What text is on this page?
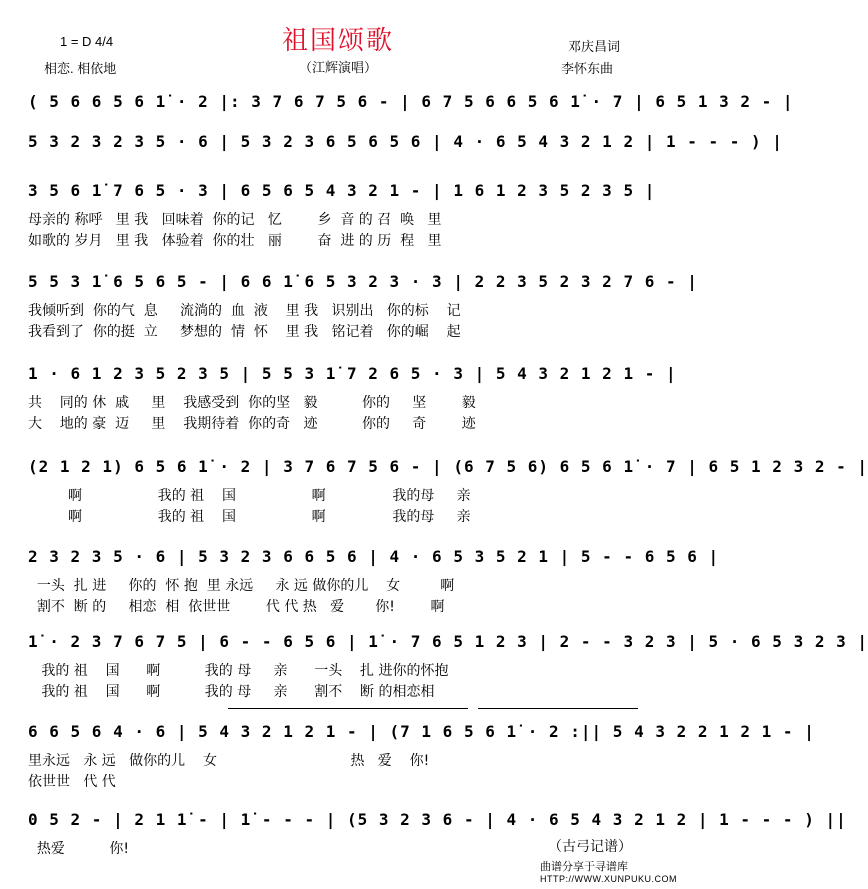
1 = D 4/4	祖国颂歌
相恋. 相依地	（江辉演唱）
邓庆昌词
李怀东曲
( 5 6 6 5 6 1̇ · 2 |: 3 7 6 7 5 6 - | 6 7 5 6 6 5 6 1̇ · 7 | 6 5 1 3 2 - |
5 3 2 3 2 3 5 · 6 | 5 3 2 3 6 5 6 5 6 | 4 · 6 5 4 3 2 1 2 | 1 - - - ) |
3 5 6 1̇ 7 6 5 · 3 | 6 5 6 5 4 3 2 1 - | 1 6 1 2 3 5 2 3 5 |
母亲的 称呼   里 我   回味着  你的记   忆        乡  音 的 召  唤   里
如歌的 岁月   里 我   体验着  你的壮   丽        奋  进 的 历  程   里
5 5 3 1̇ 6 5 6 5 - | 6 6 1̇ 6 5 3 2 3 · 3 | 2 2 3 5 2 3 2 7 6 - |
我倾听到  你的气  息     流淌的  血  液    里 我   识别出   你的标    记
我看到了  你的挺  立     梦想的  情  怀    里 我   铭记着   你的崛    起
1 · 6 1 2 3 5 2 3 5 | 5 5 3 1̇ 7 2 6 5 · 3 | 5 4 3 2 1 2 1 - |
共    同的 休  戚     里    我感受到  你的坚   毅          你的     坚        毅
大    地的 豪  迈     里    我期待着  你的奇   迹          你的     奇        迹
(2 1 2 1) 6 5 6 1̇ · 2 | 3 7 6 7 5 6 - | (6 7 5 6) 6 5 6 1̇ · 7 | 6 5 1 2 3 2 - |
啊                 我的 祖    国                 啊               我的母     亲
啊                 我的 祖    国                 啊               我的母     亲
2 3 2 3 5 · 6 | 5 3 2 3 6 6 5 6 | 4 · 6 5 3 5 2 1 | 5 - - 6 5 6 |
一头  扎 进     你的  怀 抱  里 永远     永 远 做你的儿    女         啊
割不  断 的     相恋  相  依世世        代 代 热   爱       你!        啊
1̇ · 2 3 7 6 7 5 | 6 - - 6 5 6 | 1̇ · 7 6 5 1 2 3 | 2 - - 3 2 3 | 5 · 6 5 3 2 3 |
我的 祖    国      啊          我的 母     亲      一头    扎 进你的怀抱
我的 祖    国      啊          我的 母     亲      割不    断 的相恋相
6 6 5 6 4 · 6 | 5 4 3 2 1 2 1 - | (7 1 6 5 6 1̇ · 2 :|| 5 4 3 2 2 1 2 1 - |
里永远   永 远   做你的儿    女                              热   爱    你!
依世世   代 代
0 5 2 - | 2 1 1̇ - | 1̇ - - - | (5 3 2 3 6 - | 4 · 6 5 4 3 2 1 2 | 1 - - - ) ||
热爱          你!	（古弓记谱）
曲谱分享于寻谱库
HTTP://WWW.XUNPUKU.COM
